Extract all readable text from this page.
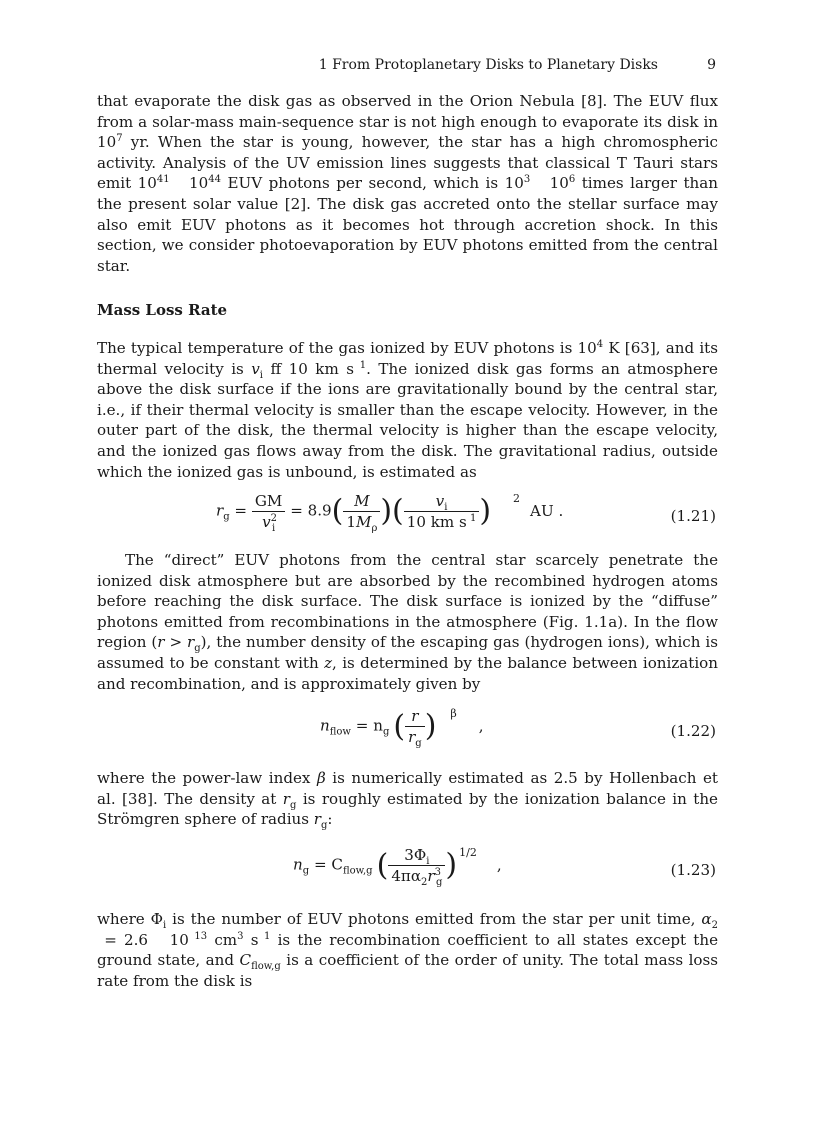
1 From Protoplanetary Disks to Planetary Disks	9

that evaporate the disk gas as observed in the Orion Nebula [8]. The EUV flux from a solar-mass main-sequence star is not high enough to evaporate its disk in $10^7$ yr. When the star is young, however, the star has a high chromospheric activity. Analysis of the UV emission lines suggests that classical T Tauri stars emit $10^{41}$   $10^{44}$ EUV photons per second, which is $10^3$   $10^6$ times larger than the present solar value [2]. The disk gas accreted onto the stellar surface may also emit EUV photons as it becomes hot through accretion shock. In this section, we consider photoevaporation by EUV photons emitted from the central star.

Mass Loss Rate

The typical temperature of the gas ionized by EUV photons is $10^4$ K [63], and its thermal velocity is $v_i$ ff 10 km s $^1$. The ionized disk gas forms an atmosphere above the disk surface if the ions are gravitationally bound by the central star, i.e., if their thermal velocity is smaller than the escape velocity. However, in the outer part of the disk, the thermal velocity is higher than the escape velocity, and the ionized gas flows away from the disk. The gravitational radius, outside which the ionized gas is unbound, is estimated as

$r_g = \frac{GM}{v^2_i} = 8.9( \frac{M}{1M_\rho}$ )( $\frac{v_i}{10 km s ^1}$ ) $^2$AU .	(1.21)

The “direct” EUV photons from the central star scarcely penetrate the ionized disk atmosphere but are absorbed by the recombined hydrogen atoms before reaching the disk surface. The disk surface is ionized by the “diffuse” photons emitted from recombinations in the atmosphere (Fig. 1.1a). In the flow region $(r > r_g)$, the number density of the escaping gas (hydrogen ions), which is assumed to be constant with z, is determined by the balance between ionization and recombination, and is approximately given by

$n_{flow} = n_g$ ( $\frac{r}{r_g}$ ) $^\beta$,	(1.22)

where the power-law index β is numerically estimated as 2.5 by Hollenbach et al. [38]. The density at $r_g$ is roughly estimated by the ionization balance in the Strömgren sphere of radius $r_g$:

$n_g = C_{flow,g}$ ( $\frac{3\Phi_i}{4\pi\alpha_2r^3_g}$ ) $^{1/2}$,	(1.23)

where $\Phi_i$ is the number of EUV photons emitted from the star per unit time, $\alpha_2 = 2.6$   10 $^{13}$ $cm^3$ s $^1$ is the recombination coefficient to all states except the ground state, and $C_{flow,g}$ is a coefficient of the order of unity. The total mass loss rate from the disk is
